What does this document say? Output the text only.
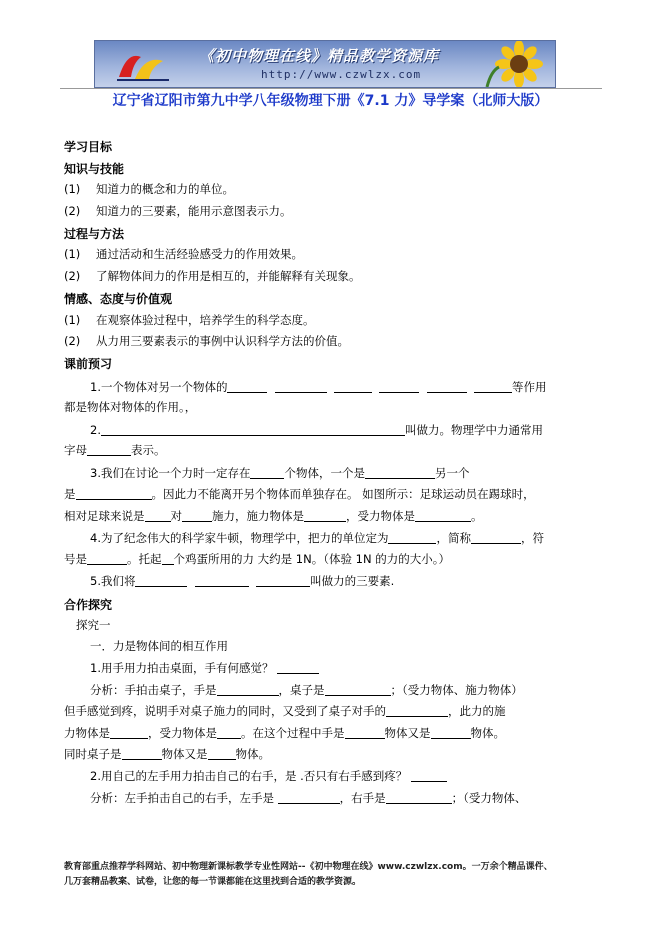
《初中物理在线》精品教学资源库
http://www.czwlzx.com
辽宁省辽阳市第九中学八年级物理下册《7.1 力》导学案（北师大版）
学习目标
知识与技能
(1) 知道力的概念和力的单位。
(2) 知道力的三要素，能用示意图表示力。
过程与方法
(1) 通过活动和生活经验感受力的作用效果。
(2) 了解物体间力的作用是相互的，并能解释有关现象。
情感、态度与价值观
(1) 在观察体验过程中，培养学生的科学态度。
(2) 从力用三要素表示的事例中认识科学方法的价值。
课前预习
1.一个物体对另一个物体的	等作用
都是物体对物体的作用。，
2.	叫做力。物理学中力通常用
字母	表示。
3.我们在讨论一个力时一定存在	个物体，一个是	另一个
是	。因此力不能离开另个物体而单独存在。 如图所示：足球运动员在踢球时，
相对足球来说是 对	施力，施力物体是	，受力物体是	。
4.为了纪念伟大的科学家牛顿，物理学中，把力的单位定为	，简称	，符
号是	。托起 个鸡蛋所用的力 大约是 1N。（体验 1N 的力的大小。）
5.我们将	叫做力的三要素.
合作探究
探究一
一．力是物体间的相互作用
1.用手用力拍击桌面，手有何感觉？
分析：手拍击桌子，手是	，桌子是	；（受力物体、施力物体）
但手感觉到疼，说明手对桌子施力的同时，又受到了桌子对手的	，此力的施
力物体是	，受力物体是 。在这个过程中手是	物体又是	物体。
同时桌子是	物体又是 物体。
2.用自己的左手用力拍击自己的右手，是 .否只有右手感到疼？
分析：左手拍击自己的右手，左手是	，右手是	；（受力物体、
教育部重点推荐学科网站、初中物理新课标教学专业性网站--《初中物理在线》www.czwlzx.com。一万余个精品课件、
几万套精品教案、试卷，让您的每一节课都能在这里找到合适的教学资源。
